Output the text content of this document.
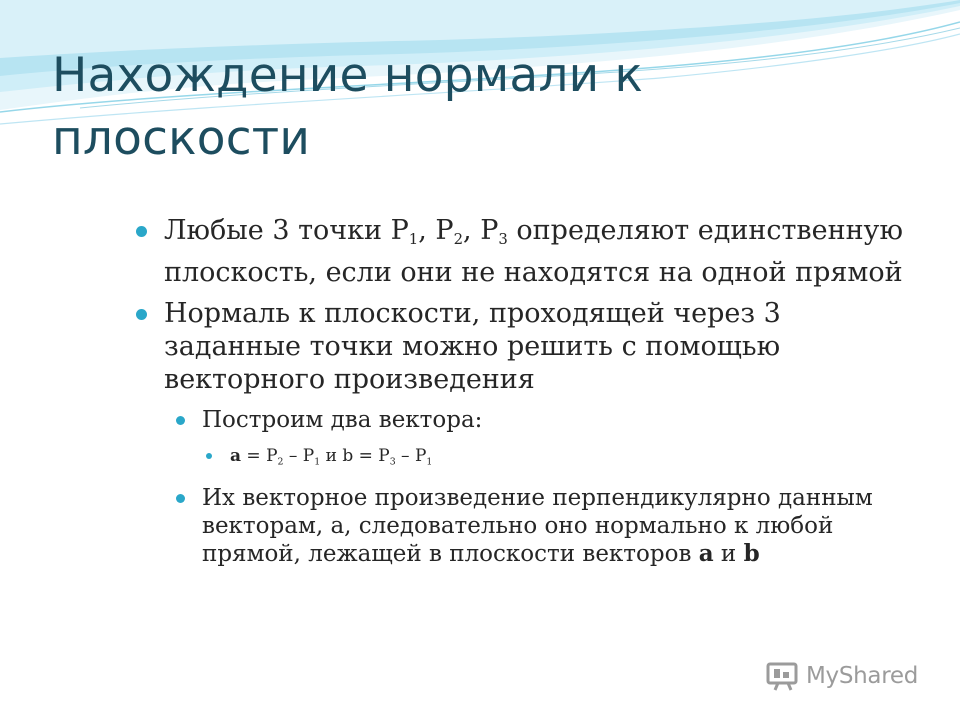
Нахождение нормали к плоскости
Любые 3 точки $P_1$, $P_2$, $P_3$ определяют единственную плоскость, если они не находятся на одной прямой
Нормаль к плоскости, проходящей через 3 заданные точки можно решить с помощью векторного произведения
Построим два вектора:
$a = P_2 - P_1$ и $b = P_3 - P_1$
Их векторное произведение перпендикулярно данным векторам, а, следовательно оно нормально к любой прямой, лежащей в плоскости векторов a и b
MyShared
